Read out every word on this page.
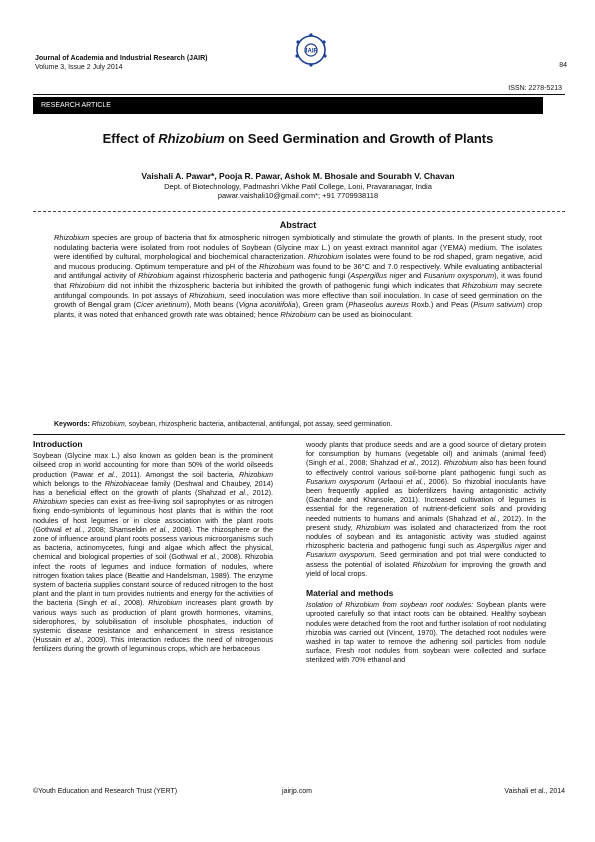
Journal of Academia and Industrial Research (JAIR)
Volume 3, Issue 2 July 2014
JAIR
84
ISSN: 2278-5213
RESEARCH ARTICLE
Effect of Rhizobium on Seed Germination and Growth of Plants
Vaishali A. Pawar*, Pooja R. Pawar, Ashok M. Bhosale and Sourabh V. Chavan
Dept. of Biotechnology, Padmashri Vikhe Patil College, Loni, Pravaranagar, India
pawar.vaishali10@gmail.com*; +91 7709938118
Abstract

Rhizobium species are group of bacteria that fix atmospheric nitrogen symbiotically and stimulate the growth of plants. In the present study, root nodulating bacteria were isolated from root nodules of Soybean (Glycine max L.) on yeast extract mannitol agar (YEMA) medium. The isolates were identified by cultural, morphological and biochemical characterization. Rhizobium isolates were found to be rod shaped, gram negative, acid and mucous producing. Optimum temperature and pH of the Rhizobium was found to be 36°C and 7.0 respectively. While evaluating antibacterial and antifungal activity of Rhizobium against rhizospheric bacteria and pathogenic fungi (Aspergillus niger and Fusarium oxysporum), it was found that Rhizobium did not inhibit the rhizospheric bacteria but inhibited the growth of pathogenic fungi which indicates that Rhizobium may secrete antifungal compounds. In pot assays of Rhizobium, seed inoculation was more effective than soil inoculation. In case of seed germination on the growth of Bengal gram (Cicer arietinum), Moth beans (Vigna aconitifolia), Green gram (Phaseolus aureus Roxb.) and Peas (Pisum sativum) crop plants, it was noted that enhanced growth rate was obtained; hence Rhizobium can be used as bioinoculant.

Keywords: Rhizobium, soybean, rhizospheric bacteria, antibacterial, antifungal, pot assay, seed germination.

Introduction

Soybean (Glycine max L.) also known as golden bean is the prominent oilseed crop in world accounting for more than 50% of the world oilseeds production (Pawar et al., 2011). Amongst the soil bacteria, Rhizobium which belongs to the Rhizobiaceae family (Deshwal and Chaubey, 2014) has a beneficial effect on the growth of plants (Shahzad et al., 2012). Rhizobium species can exist as free-living soil saprophytes or as nitrogen fixing endo-symbionts of leguminous host plants that is within the root nodules of host legumes or in close association with the plant roots (Gothwal et al., 2008; Shamseldin et al., 2008). The rhizosphere or the zone of influence around plant roots possess various microorganisms such as bacteria, actinomycetes, fungi and algae which affect the physical, chemical and biological properties of soil (Gothwal et al., 2008). Rhizobia infect the roots of legumes and induce formation of nodules, where nitrogen fixation takes place (Beattie and Handelsman, 1989). The enzyme system of bacteria supplies constant source of reduced nitrogen to the host plant and the plant in turn provides nutrients and energy for the activities of the bacteria (Singh et al., 2008). Rhizobium increases plant growth by various ways such as production of plant growth hormones, vitamins, siderophores, by solubilisation of insoluble phosphates, induction of systemic disease resistance and enhancement in stress resistance (Hussain et al., 2009). This interaction reduces the need of nitrogenous fertilizers during the growth of leguminous crops, which are herbaceous

woody plants that produce seeds and are a good source of dietary protein for consumption by humans (vegetable oil) and animals (animal feed) (Singh et al., 2008; Shahzad et al., 2012). Rhizobium also has been found to effectively control various soil-borne plant pathogenic fungi such as Fusarium oxysporum (Arfaoui et al., 2006). So rhizobial inoculants have been frequently applied as biofertilizers having antagonistic activity (Gachande and Khansole, 2011). Increased cultivation of legumes is essential for the regeneration of nutrient-deficient soils and providing needed nutrients to humans and animals (Shahzad et al., 2012). In the present study, Rhizobium was isolated and characterized from the root nodules of soybean and its antagonistic activity was studied against rhizospheric bacteria and pathogenic fungi such as Aspergillus niger and Fusarium oxysporum. Seed germination and pot trial were conducted to assess the potential of isolated Rhizobium for improving the growth and yield of local crops.

Material and methods

Isolation of Rhizobium from soybean root nodules: Soybean plants were uprooted carefully so that intact roots can be obtained. Healthy soybean nodules were detached from the root and further isolation of root nodulating rhizobia was carried out (Vincent, 1970). The detached root nodules were washed in tap water to remove the adhering soil particles from nodule surface. Fresh root nodules from soybean were collected and surface sterilized with 70% ethanol and

©Youth Education and Research Trust (YERT)	jairjp.com	Vaishali et al., 2014
